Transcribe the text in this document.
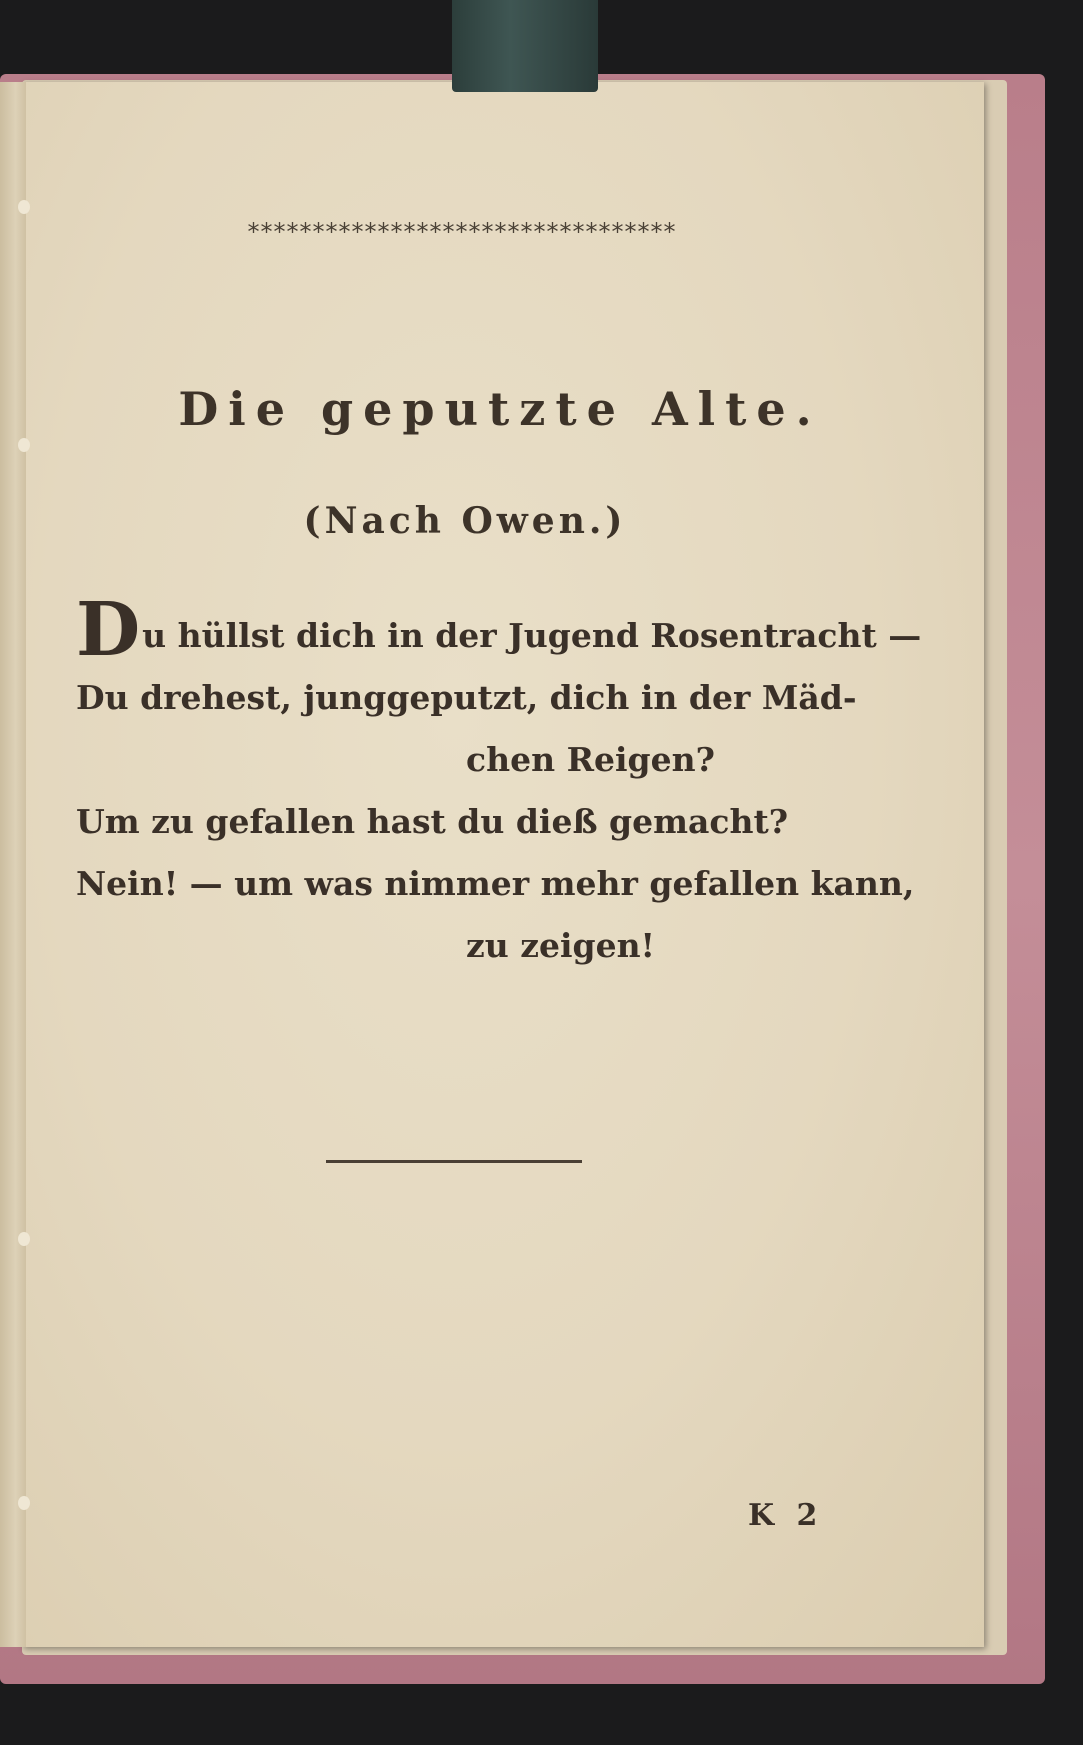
*********************************
Die geputzte Alte.
(Nach Owen.)
Du hüllst dich in der Jugend Rosentracht —
Du drehest, junggeputzt, dich in der Mäd-
chen Reigen?
Um zu gefallen hast du dieß gemacht?
Nein! — um was nimmer mehr gefallen kann,
zu zeigen!
K 2
